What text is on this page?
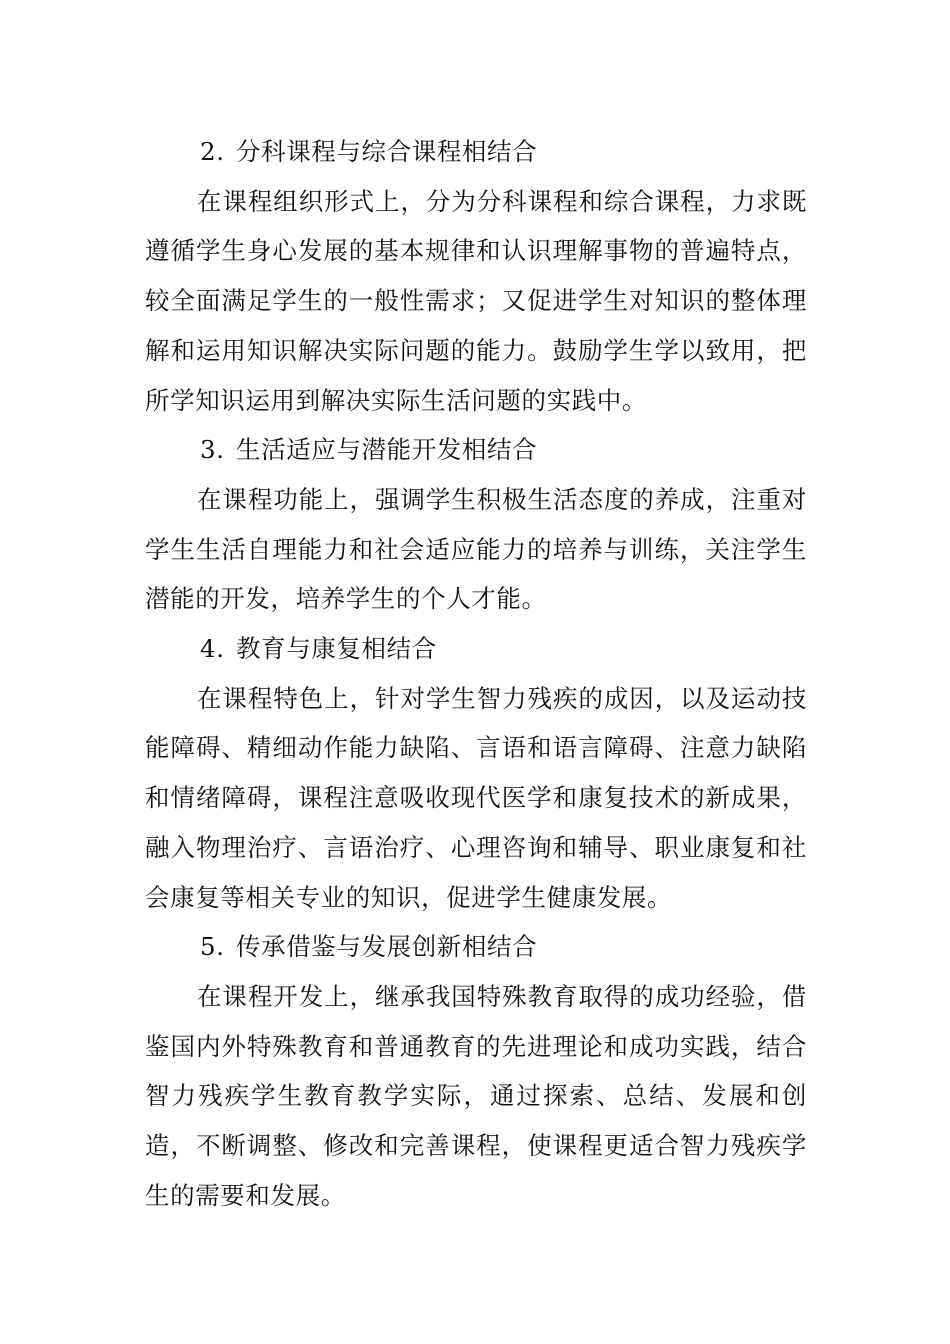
2. 分科课程与综合课程相结合

在课程组织形式上，分为分科课程和综合课程，力求既遵循学生身心发展的基本规律和认识理解事物的普遍特点，较全面满足学生的一般性需求；又促进学生对知识的整体理解和运用知识解决实际问题的能力。鼓励学生学以致用，把所学知识运用到解决实际生活问题的实践中。

3. 生活适应与潜能开发相结合

在课程功能上，强调学生积极生活态度的养成，注重对学生生活自理能力和社会适应能力的培养与训练，关注学生潜能的开发，培养学生的个人才能。

4. 教育与康复相结合

在课程特色上，针对学生智力残疾的成因，以及运动技能障碍、精细动作能力缺陷、言语和语言障碍、注意力缺陷和情绪障碍，课程注意吸收现代医学和康复技术的新成果，融入物理治疗、言语治疗、心理咨询和辅导、职业康复和社会康复等相关专业的知识，促进学生健康发展。

5. 传承借鉴与发展创新相结合

在课程开发上，继承我国特殊教育取得的成功经验，借鉴国内外特殊教育和普通教育的先进理论和成功实践，结合智力残疾学生教育教学实际，通过探索、总结、发展和创造，不断调整、修改和完善课程，使课程更适合智力残疾学生的需要和发展。
